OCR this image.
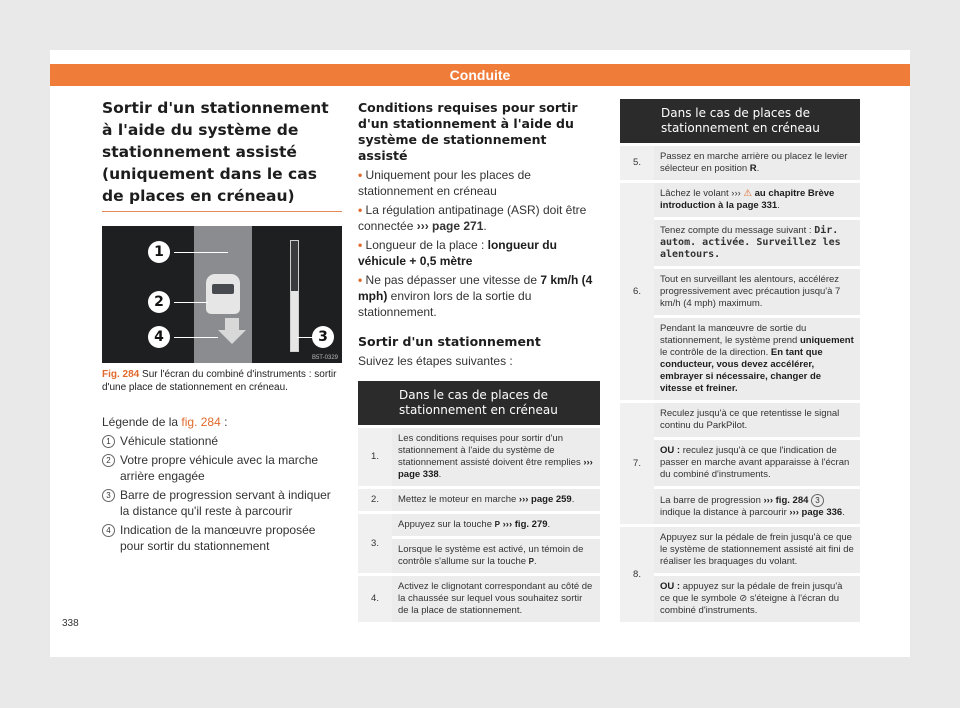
Conduite
Sortir d'un stationnement à l'aide du système de stationnement assisté (uniquement dans le cas de places en créneau)
1
2
3
4
B5T-0329
Fig. 284 Sur l'écran du combiné d'instruments : sortir d'une place de stationnement en créneau.
Légende de la fig. 284 :
1 Véhicule stationné
2 Votre propre véhicule avec la marche arrière engagée
3 Barre de progression servant à indiquer la distance qu'il reste à parcourir
4 Indication de la manœuvre proposée pour sortir du stationnement
Conditions requises pour sortir d'un stationnement à l'aide du système de stationnement assisté
• Uniquement pour les places de stationnement en créneau
• La régulation antipatinage (ASR) doit être connectée ››› page 271.
• Longueur de la place : longueur du véhicule + 0,5 mètre
• Ne pas dépasser une vitesse de 7 km/h (4 mph) environ lors de la sortie du stationnement.
Sortir d'un stationnement
Suivez les étapes suivantes :
	Dans le cas de places de stationnement en créneau
1.	Les conditions requises pour sortir d'un stationnement à l'aide du système de stationnement assisté doivent être remplies ››› page 338.
2.	Mettez le moteur en marche ››› page 259.
3.	Appuyez sur la touche P ››› fig. 279.
	Lorsque le système est activé, un témoin de contrôle s'allume sur la touche P.
4.	Activez le clignotant correspondant au côté de la chaussée sur lequel vous souhaitez sortir de la place de stationnement.
	Dans le cas de places de stationnement en créneau
5.	Passez en marche arrière ou placez le levier sélecteur en position R.
6.	Lâchez le volant ››› ⚠ au chapitre Brève introduction à la page 331.
	Tenez compte du message suivant : Dir. autom. activée. Surveillez les alentours.
	Tout en surveillant les alentours, accélérez progressivement avec précaution jusqu'à 7 km/h (4 mph) maximum.
	Pendant la manœuvre de sortie du stationnement, le système prend uniquement le contrôle de la direction. En tant que conducteur, vous devez accélérer, embrayer si nécessaire, changer de vitesse et freiner.
7.	Reculez jusqu'à ce que retentisse le signal continu du ParkPilot.
	OU : reculez jusqu'à ce que l'indication de passer en marche avant apparaisse à l'écran du combiné d'instruments.
	La barre de progression ››› fig. 284 3 indique la distance à parcourir ››› page 336.
8.	Appuyez sur la pédale de frein jusqu'à ce que le système de stationnement assisté ait fini de réaliser les braquages du volant.
	OU : appuyez sur la pédale de frein jusqu'à ce que le symbole ⊘ s'éteigne à l'écran du combiné d'instruments.
338
